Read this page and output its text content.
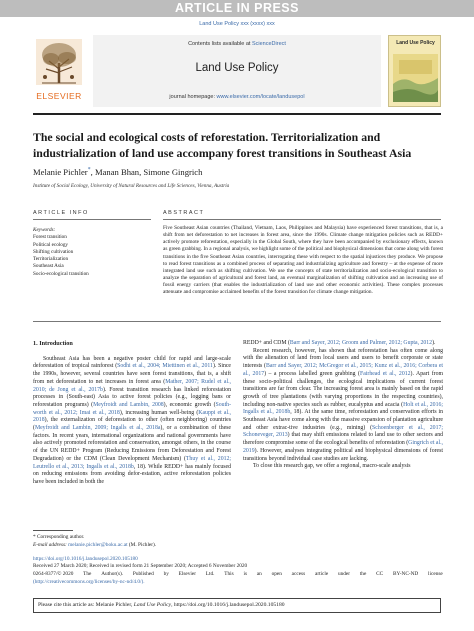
ARTICLE IN PRESS
Land Use Policy xxx (xxxx) xxx
ELSEVIER
Contents lists available at ScienceDirect
Land Use Policy
journal homepage: www.elsevier.com/locate/landusepol
Land Use Policy
The social and ecological costs of reforestation. Territorialization and industrialization of land use accompany forest transitions in Southeast Asia
Melanie Pichler*, Manan Bhan, Simone Gingrich
Institute of Social Ecology, University of Natural Resources and Life Sciences, Vienna, Austria
ARTICLE INFO	ABSTRACT
Keywords:
Forest transition
Political ecology
Shifting cultivation
Territorialization
Southeast Asia
Socio-ecological transition

Five Southeast Asian countries (Thailand, Vietnam, Laos, Philippines and Malaysia) have experienced forest transitions, that is, a shift from net deforestation to net increases in forest area, since the 1990s. Climate change mitigation policies such as REDD+ actively promote reforestation, especially in the Global South, where they have been accompanied by exclusionary effects, known as green grabbing. In a regional analysis, we highlight some of the political and biophysical dimensions that come along with forest transitions in the five Southeast Asian countries, interrogating these with respect to the spatial injustices they produce. We propose to read forest transitions as a combined process of separating and industrializing agriculture and forestry – at the expense of more integrated land use such as shifting cultivation. We use the concepts of state territorialization and socio-ecological transition to analyze the separation of agricultural and forest land, an eventual marginalization of shifting cultivation and an increasing use of fossil energy carriers (that enables the industrialization of land use and other economic activities). These complex processes attenuate and compromise acclaimed benefits of the forest transition for climate change mitigation.

1. Introduction

Southeast Asia has been a negative poster child for rapid and large-scale deforestation of tropical rainforest (Sodhi et al., 2004; Miettinen et al., 2011). Since the 1990s, however, several countries have seen forest transitions, that is, a shift from net deforestation to net increases in forest area (Mather, 2007; Rudel et al., 2010; de Jong et al., 2017b). Forest transition research has linked reforestation processes in (South-east) Asia to active forest policies (e.g., logging bans or reforestation programs) (Meyfroidt and Lambin, 2008), economic growth (South-worth et al., 2012; Imai et al., 2018), increasing human well-being (Kauppi et al., 2018), the externalization of deforestation to other (often neighboring) countries (Meyfroidt and Lambin, 2009; Ingalls et al., 2018a), or a combination of these factors. In recent years, international organizations and national governments have also actively promoted reforestation and conservation, amongst others, in the course of the UN REDD+ Program (Reducing Emissions from Deforestation and Forest Degradation) or the CDM (Clean Development Mechanism) (Thuy et al., 2012; Leutrello et al., 2013; Ingalls et al., 2018b, 18). While REDD+ has mainly focused on reducing emissions from avoiding defor-estation, active reforestation policies have been included in both the

REDD+ and CDM (Barr and Sayer, 2012; Groom and Palmer, 2012; Gupta, 2012).

Recent research, however, has shown that reforestation has often come along with the alienation of land from local users and users to benefit corporate or state interests (Barr and Sayer, 2012; McGregor et al., 2015; Kunz et al., 2016; Corbera et al., 2017) – a process labelled green grabbing (Fairhead et al., 2012). Apart from these socio-political challenges, the ecological implications of current forest transitions are far from clear. The increasing forest area is mainly based on the rapid growth of tree plantations (with varying proportions in the respecting countries), including non-native species such as rubber, eucalyptus and acacia (Holt et al., 2016; Ingalls et al., 2018b, 18). At the same time, reforestation and conservation efforts in Southeast Asia have come along with the massive expansion of plantation agriculture and other extrac-tive industries (e.g., mining) (Schoenberger et al., 2017; Schoneveger, 2013) that may shift emissions related to land use to other sectors and therefore compromise some of the ecological benefits of reforestation (Gingrich et al., 2019). However, analyses integrating political and biophysical dimensions of forest transitions beyond individual case studies are lacking.

To close this research gap, we offer a regional, macro-scale analysis

* Corresponding author.
E-mail address: melanie.pichler@boku.ac.at (M. Pichler).
https://doi.org/10.1016/j.landusepol.2020.105180
Received 27 March 2020; Received in revised form 21 September 2020; Accepted 6 November 2020
0264-8377/© 2020 The Author(s). Published by Elsevier Ltd. This is an open access article under the CC BY-NC-ND license
(http://creativecommons.org/licenses/by-nc-nd/4.0/).
Please cite this article as: Melanie Pichler, Land Use Policy, https://doi.org/10.1016/j.landusepol.2020.105180
